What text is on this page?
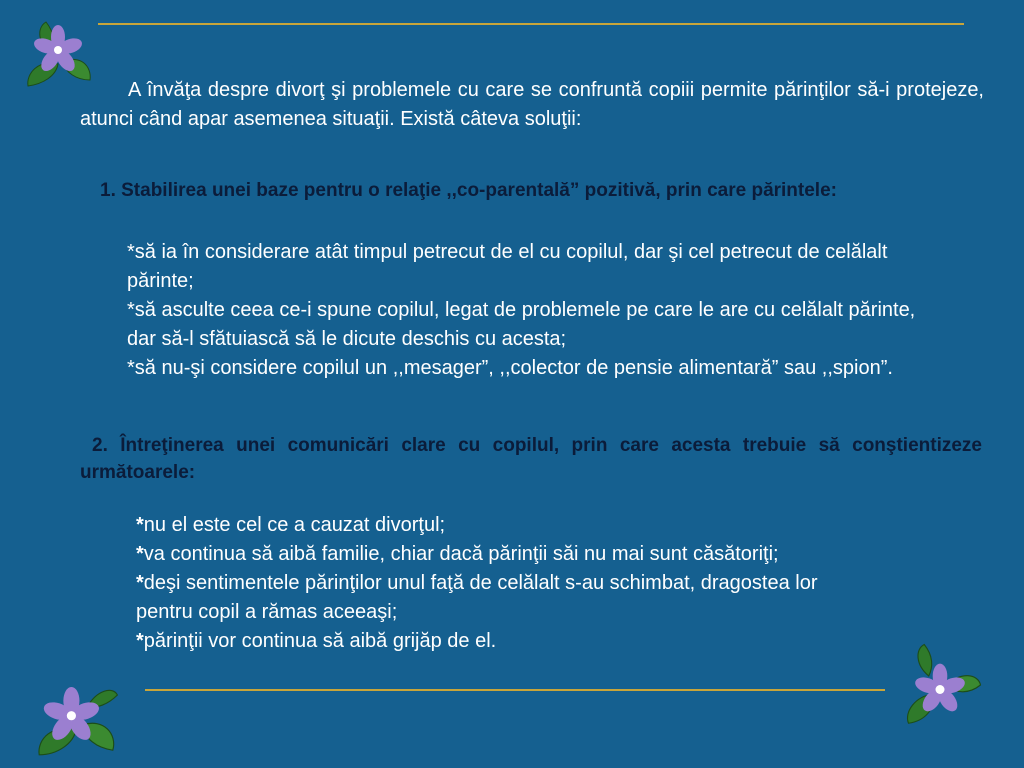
A învăţa despre divorţ şi problemele cu care se confruntă copiii permite părinţilor să-i protejeze, atunci când apar asemenea situaţii. Există câteva soluţii:

1. Stabilirea unei baze pentru o relaţie ,,co-parentală” pozitivă, prin care părintele:

*să ia în considerare atât timpul petrecut de el cu copilul, dar şi cel petrecut de celălalt părinte;
*să asculte ceea ce-i spune copilul, legat de problemele pe care le are cu celălalt părinte, dar să-l sfătuiască să le dicute deschis cu acesta;
*să nu-şi considere copilul un ,,mesager”, ,,colector de pensie alimentară” sau ,,spion”.

2. Întreţinerea unei comunicări clare cu copilul, prin care acesta trebuie să conştientizeze următoarele:

*nu el este cel ce a cauzat divorţul;
*va continua să aibă familie, chiar dacă părinţii săi nu mai sunt căsătoriţi;
*deşi sentimentele părinţilor unul faţă de celălalt s-au schimbat, dragostea lor pentru copil a rămas aceeaşi;
*părinţii vor continua să aibă grijăp de el.
